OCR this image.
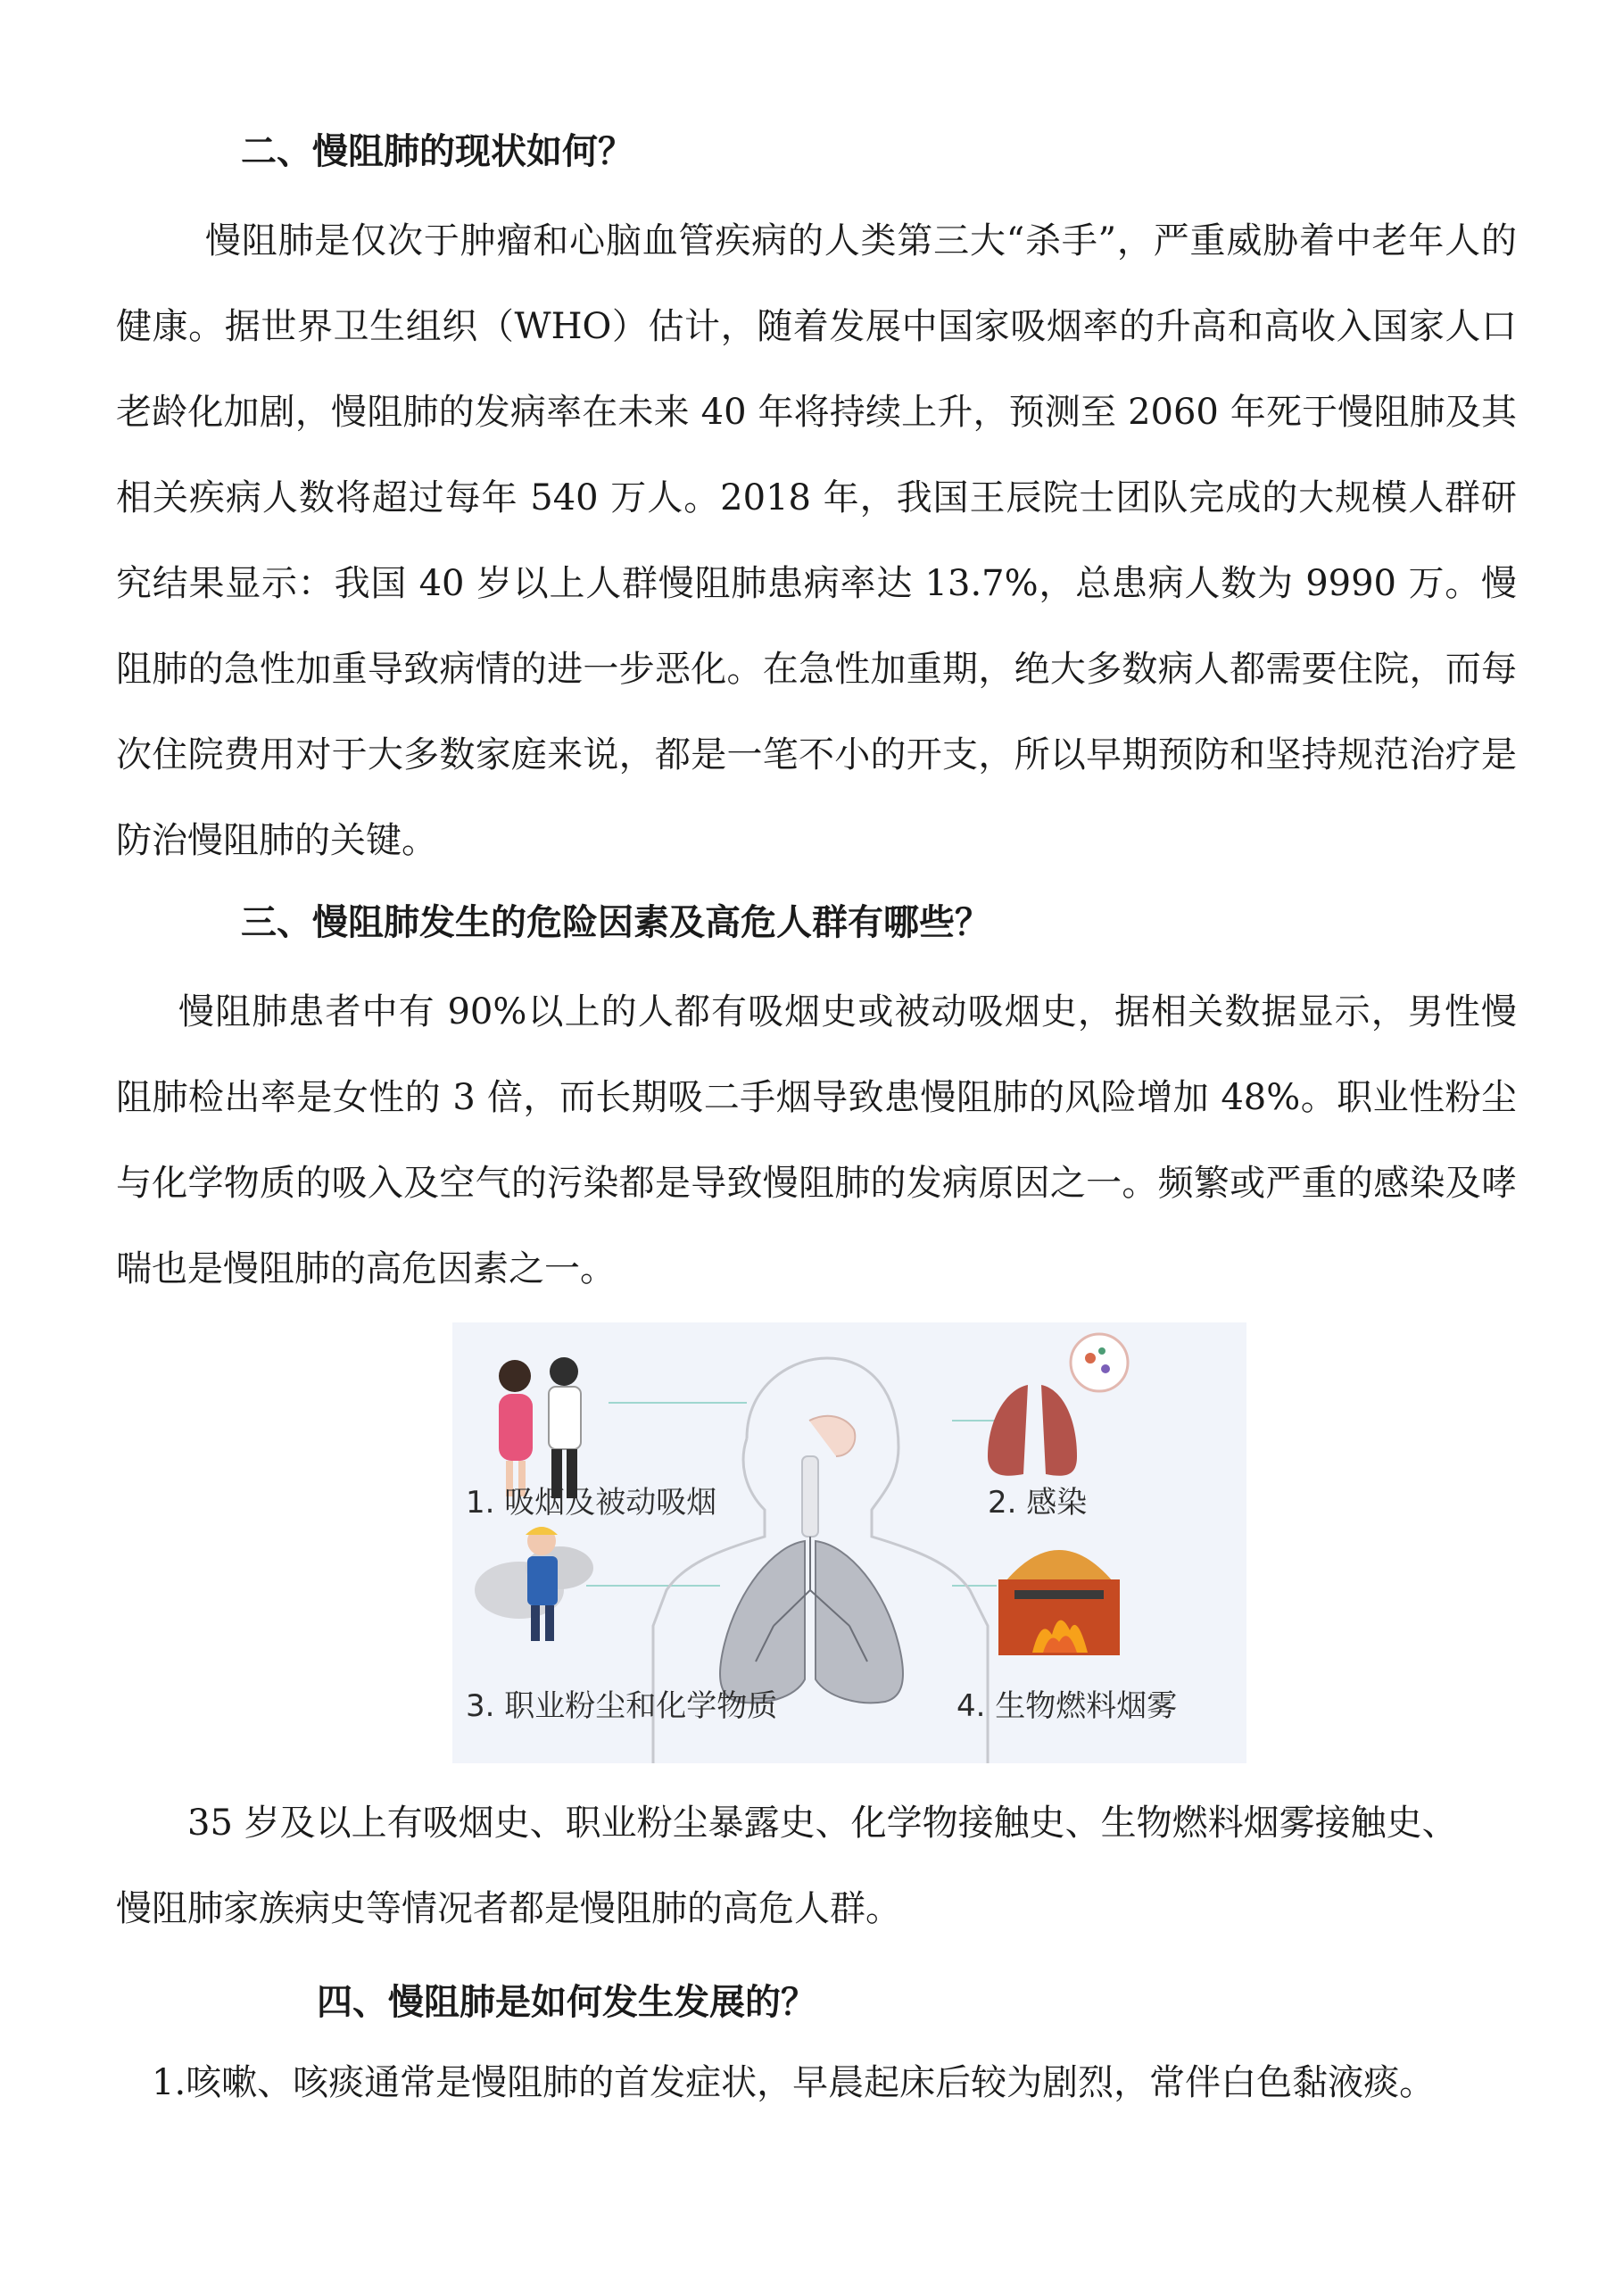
二、慢阻肺的现状如何？

慢阻肺是仅次于肿瘤和心脑血管疾病的人类第三大“杀手”，严重威胁着中老年人的健康。据世界卫生组织（WHO）估计，随着发展中国家吸烟率的升高和高收入国家人口老龄化加剧，慢阻肺的发病率在未来 40 年将持续上升，预测至 2060 年死于慢阻肺及其相关疾病人数将超过每年 540 万人。2018 年，我国王辰院士团队完成的大规模人群研究结果显示：我国 40 岁以上人群慢阻肺患病率达 13.7%，总患病人数为 9990 万。慢阻肺的急性加重导致病情的进一步恶化。在急性加重期，绝大多数病人都需要住院，而每次住院费用对于大多数家庭来说，都是一笔不小的开支，所以早期预防和坚持规范治疗是防治慢阻肺的关键。

三、慢阻肺发生的危险因素及高危人群有哪些？

慢阻肺患者中有 90%以上的人都有吸烟史或被动吸烟史，据相关数据显示，男性慢阻肺检出率是女性的 3 倍，而长期吸二手烟导致患慢阻肺的风险增加 48%。职业性粉尘与化学物质的吸入及空气的污染都是导致慢阻肺的发病原因之一。频繁或严重的感染及哮喘也是慢阻肺的高危因素之一。

1. 吸烟及被动吸烟	2. 感染

3. 职业粉尘和化学物质	4. 生物燃料烟雾

35 岁及以上有吸烟史、职业粉尘暴露史、化学物接触史、生物燃料烟雾接触史、

慢阻肺家族病史等情况者都是慢阻肺的高危人群。

四、慢阻肺是如何发生发展的？

1.咳嗽、咳痰通常是慢阻肺的首发症状，早晨起床后较为剧烈，常伴白色黏液痰。
